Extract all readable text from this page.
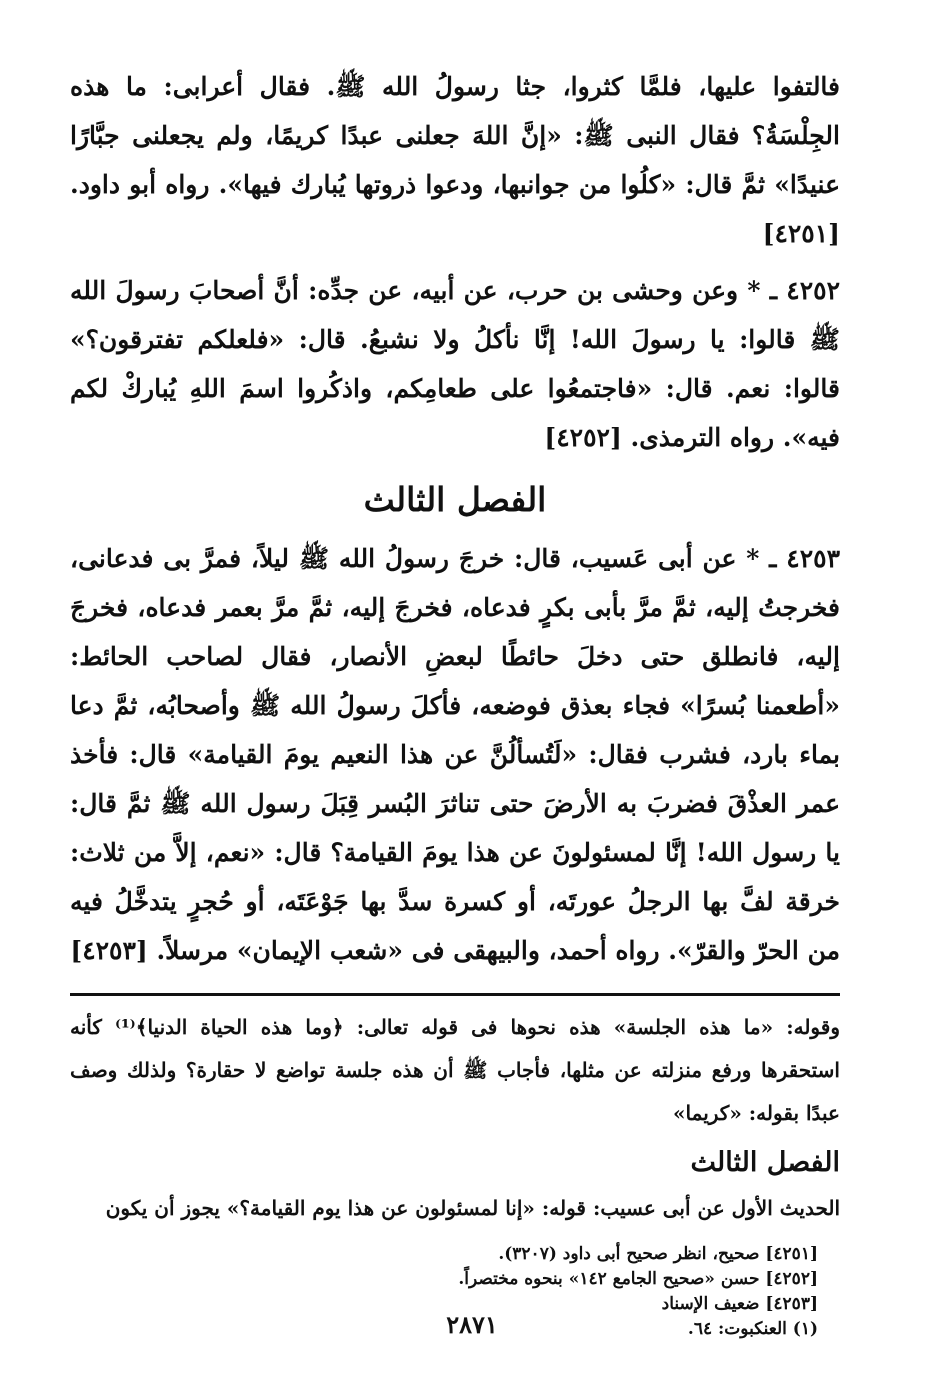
فالتفوا عليها، فلمَّا كثروا، جثا رسولُ الله ﷺ. فقال أعرابى: ما هذه الجِلْسَةُ؟ فقال النبى ﷺ: «إنَّ اللهَ جعلنى عبدًا كريمًا، ولم يجعلنى جبَّارًا عنيدًا» ثمَّ قال: «كلُوا من جوانبها، ودعوا ذروتها يُبارك فيها». رواه أبو داود. [٤٢٥١]

٤٢٥٢ ـ * وعن وحشى بن حرب، عن أبيه، عن جدِّه: أنَّ أصحابَ رسولَ الله ﷺ قالوا: يا رسولَ الله! إنَّا نأكلُ ولا نشبعُ. قال: «فلعلكم تفترقون؟» قالوا: نعم. قال: «فاجتمعُوا على طعامِكم، واذكُروا اسمَ اللهِ يُباركْ لكم فيه». رواه الترمذى. [٤٢٥٢]

الفصل الثالث

٤٢٥٣ ـ * عن أبى عَسيب، قال: خرجَ رسولُ الله ﷺ ليلاً، فمرَّ بى فدعانى، فخرجتُ إليه، ثمَّ مرَّ بأبى بكرٍ فدعاه، فخرجَ إليه، ثمَّ مرَّ بعمر فدعاه، فخرجَ إليه، فانطلق حتى دخلَ حائطًا لبعضِ الأنصار، فقال لصاحب الحائط: «أطعمنا بُسرًا» فجاء بعذق فوضعه، فأكلَ رسولُ الله ﷺ وأصحابُه، ثمَّ دعا بماء بارد، فشرب فقال: «لَتُسألُنَّ عن هذا النعيم يومَ القيامة» قال: فأخذ عمر العذْقَ فضربَ به الأرضَ حتى تناثرَ البُسر قِبَلَ رسول الله ﷺ ثمَّ قال: يا رسول الله! إنَّا لمسئولونَ عن هذا يومَ القيامة؟ قال: «نعم، إلاَّ من ثلاث: خرقة لفَّ بها الرجلُ عورتَه، أو كسرة سدَّ بها جَوْعَتَه، أو حُجرٍ يتدخَّلُ فيه من الحرّ والقرّ». رواه أحمد، والبيهقى فى «شعب الإيمان» مرسلاً. [٤٢٥٣]

وقوله: «ما هذه الجلسة» هذه نحوها فى قوله تعالى: ﴿وما هذه الحياة الدنيا﴾⁽¹⁾ كأنه استحقرها ورفع منزلته عن مثلها، فأجاب ﷺ أن هذه جلسة تواضع لا حقارة؟ ولذلك وصف عبدًا بقوله: «كريما»

الفصل الثالث

الحديث الأول عن أبى عسيب: قوله: «إنا لمسئولون عن هذا يوم القيامة؟» يجوز أن يكون

[٤٢٥١] صحيح، انظر صحيح أبى داود (٣٢٠٧).
[٤٢٥٢] حسن «صحيح الجامع ١٤٢» بنحوه مختصراً.
[٤٢٥٣] ضعيف الإسناد
(١) العنكبوت: ٦٤.
٢٨٧١
